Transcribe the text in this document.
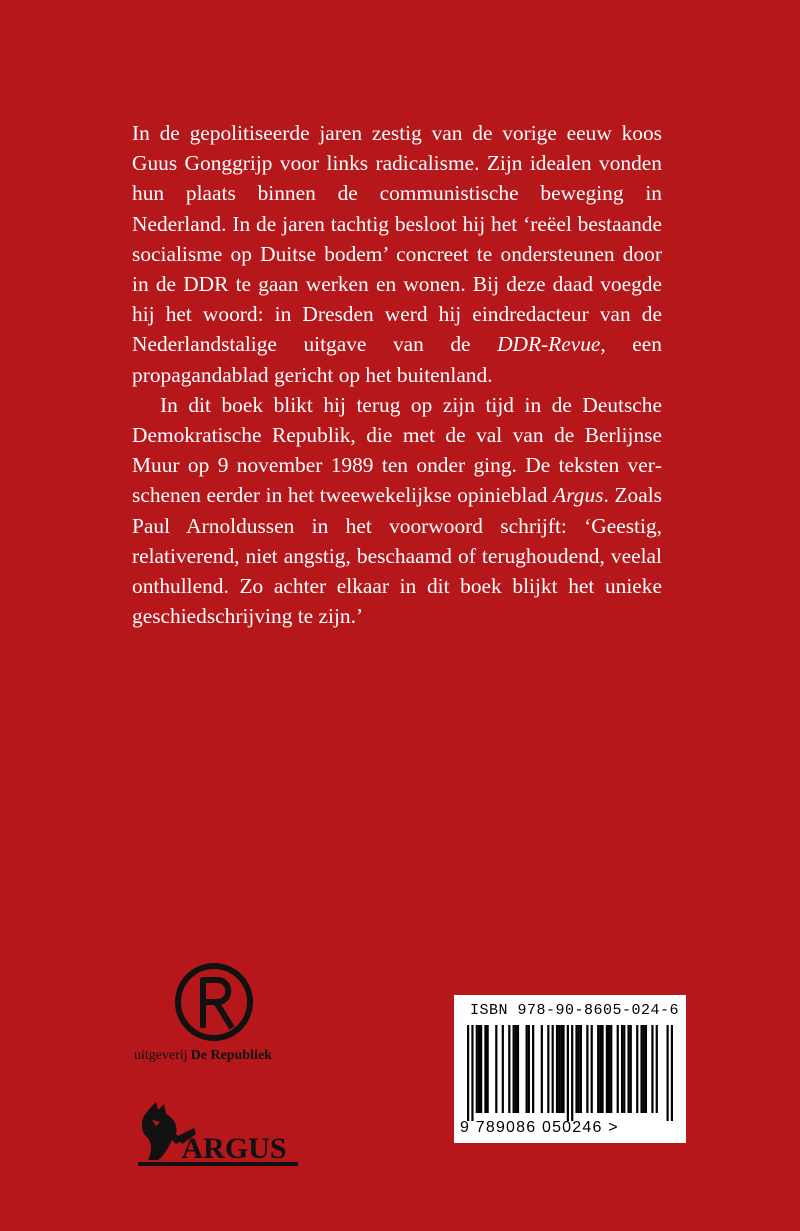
In de gepolitiseerde jaren zestig van de vorige eeuw koos Guus Gonggrijp voor links radicalisme. Zijn idealen vonden hun plaats binnen de communistische beweging in Nederland. In de jaren tachtig besloot hij het ‘reëel bestaande socialisme op Duitse bodem’ concreet te ondersteunen door in de DDR te gaan werken en wonen. Bij deze daad voegde hij het woord: in Dresden werd hij eindredacteur van de Nederlandstalige uitgave van de DDR-Revue, een propagandablad gericht op het buitenland.

In dit boek blikt hij terug op zijn tijd in de Deutsche Demokratische Republik, die met de val van de Berlijnse Muur op 9 november 1989 ten onder ging. De teksten verschenen eerder in het tweewekelijkse opinieblad Argus. Zoals Paul Arnoldussen in het voorwoord schrijft: ‘Geestig, relativerend, niet angstig, beschaamd of terughoudend, veelal onthullend. Zo achter elkaar in dit boek blijkt het unieke geschiedschrijving te zijn.’

uitgeverij De Republiek
ARGUS
ISBN 978-90-8605-024-6
9 789086 050246 >
